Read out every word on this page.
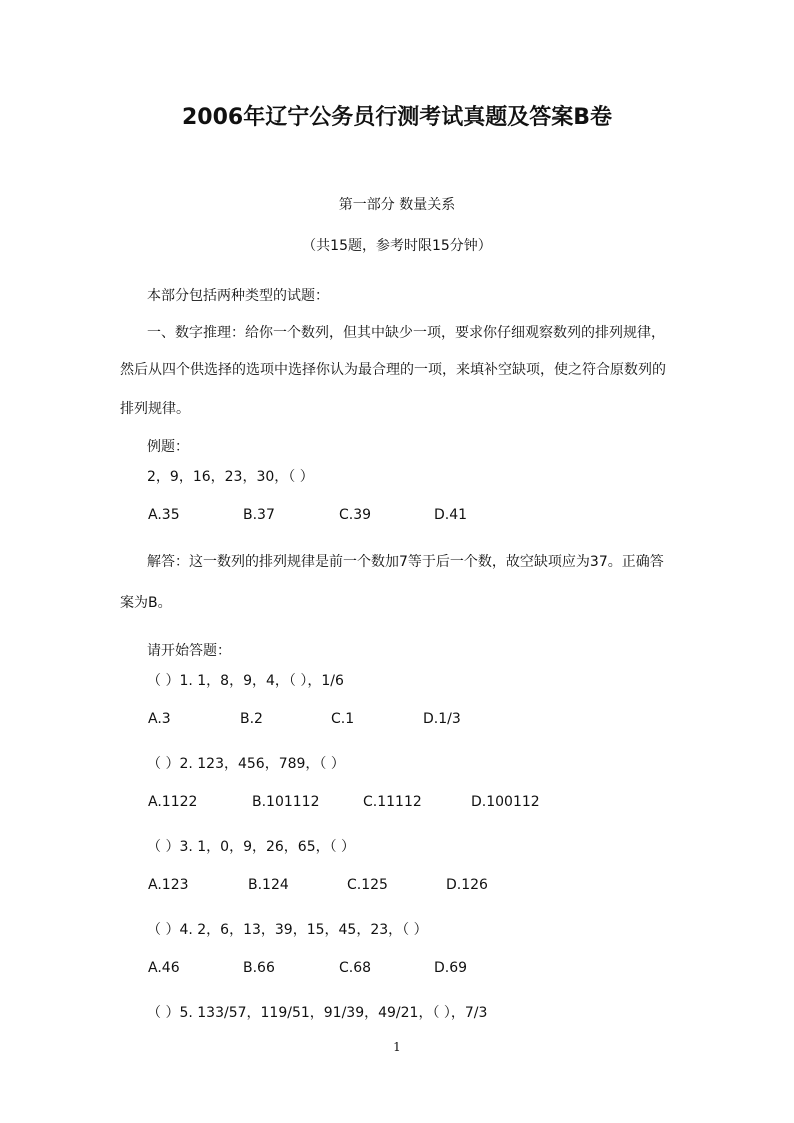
2006年辽宁公务员行测考试真题及答案B卷
第一部分 数量关系
（共15题，参考时限15分钟）
本部分包括两种类型的试题：
一、数字推理：给你一个数列，但其中缺少一项，要求你仔细观察数列的排列规律，
然后从四个供选择的选项中选择你认为最合理的一项，来填补空缺项，使之符合原数列的
排列规律。
例题：
2，9，16，23，30，（ ）
A.35	B.37	C.39	D.41
解答：这一数列的排列规律是前一个数加7等于后一个数，故空缺项应为37。正确答
案为B。
请开始答题：
（ ）1. 1，8，9，4，（ ），1/6
A.3	B.2	C.1	D.1/3
（ ）2. 123，456，789，（ ）
A.1122	B.101112	C.11112	D.100112
（ ）3. 1，0，9，26，65，（ ）
A.123	B.124	C.125	D.126
（ ）4. 2，6，13，39，15，45，23，（ ）
A.46	B.66	C.68	D.69
（ ）5. 133/57，119/51，91/39，49/21，（ ），7/3
1
